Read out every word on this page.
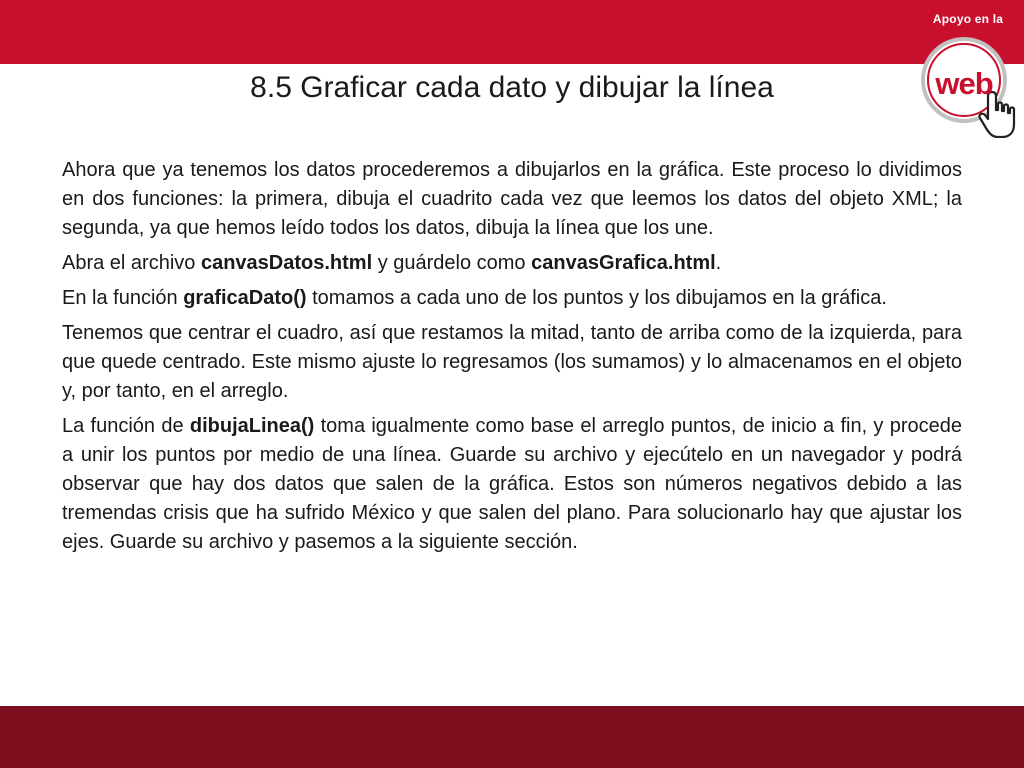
Apoyo en la
web
8.5 Graficar cada dato y dibujar la línea

Ahora que ya tenemos los datos procederemos a dibujarlos en la gráfica. Este proceso lo dividimos en dos funciones: la primera, dibuja el cuadrito cada vez que leemos los datos del objeto XML; la segunda, ya que hemos leído todos los datos, dibuja la línea que los une.

Abra el archivo canvasDatos.html y guárdelo como canvasGrafica.html.

En la función graficaDato() tomamos a cada uno de los puntos y los dibujamos en la gráfica.

Tenemos que centrar el cuadro, así que restamos la mitad, tanto de arriba como de la izquierda, para que quede centrado. Este mismo ajuste lo regresamos (los sumamos) y lo almacenamos en el objeto y, por tanto, en el arreglo.

La función de dibujaLinea() toma igualmente como base el arreglo puntos, de inicio a fin, y procede a unir los puntos por medio de una línea. Guarde su archivo y ejecútelo en un navegador y podrá observar que hay dos datos que salen de la gráfica. Estos son números negativos debido a las tremendas crisis que ha sufrido México y que salen del plano. Para solucionarlo hay que ajustar los ejes. Guarde su archivo y pasemos a la siguiente sección.
